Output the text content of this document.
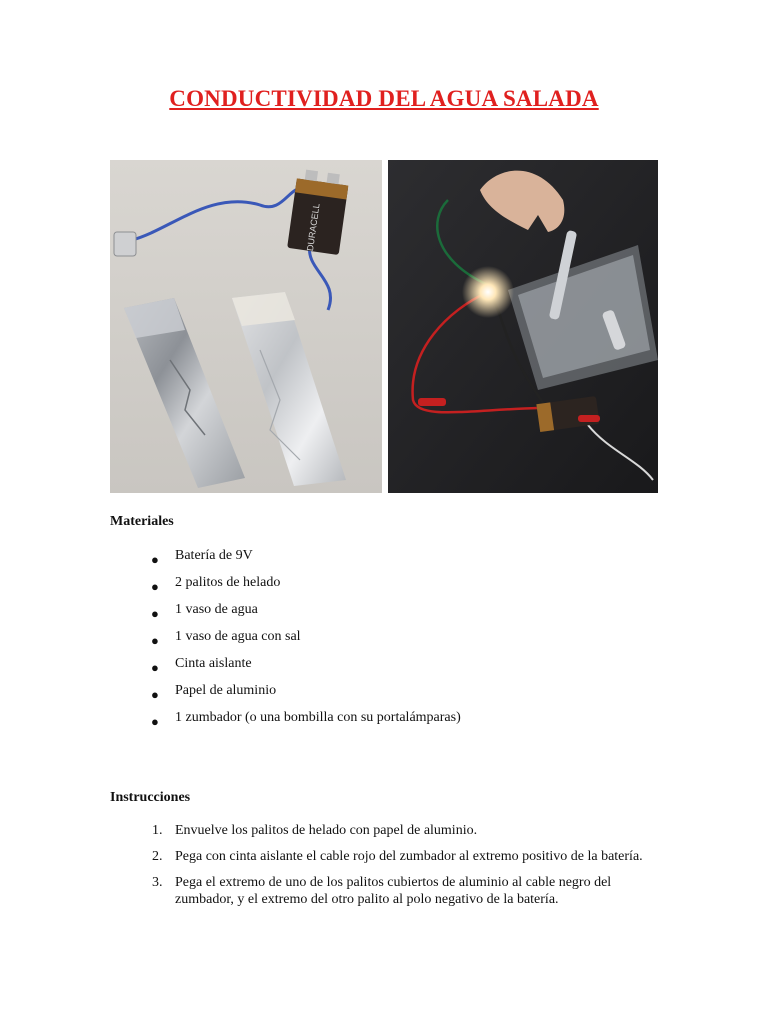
CONDUCTIVIDAD DEL AGUA SALADA
DURACELL
Materiales
● Batería de 9V
● 2 palitos de helado
● 1 vaso de agua
● 1 vaso de agua con sal
● Cinta aislante
● Papel de aluminio
● 1 zumbador (o una bombilla con su portalámparas)
Instrucciones
1. Envuelve los palitos de helado con papel de aluminio.
2. Pega con cinta aislante el cable rojo del zumbador al extremo positivo de la batería.
3. Pega el extremo de uno de los palitos cubiertos de aluminio al cable negro del zumbador, y el extremo del otro palito al polo negativo de la batería.
